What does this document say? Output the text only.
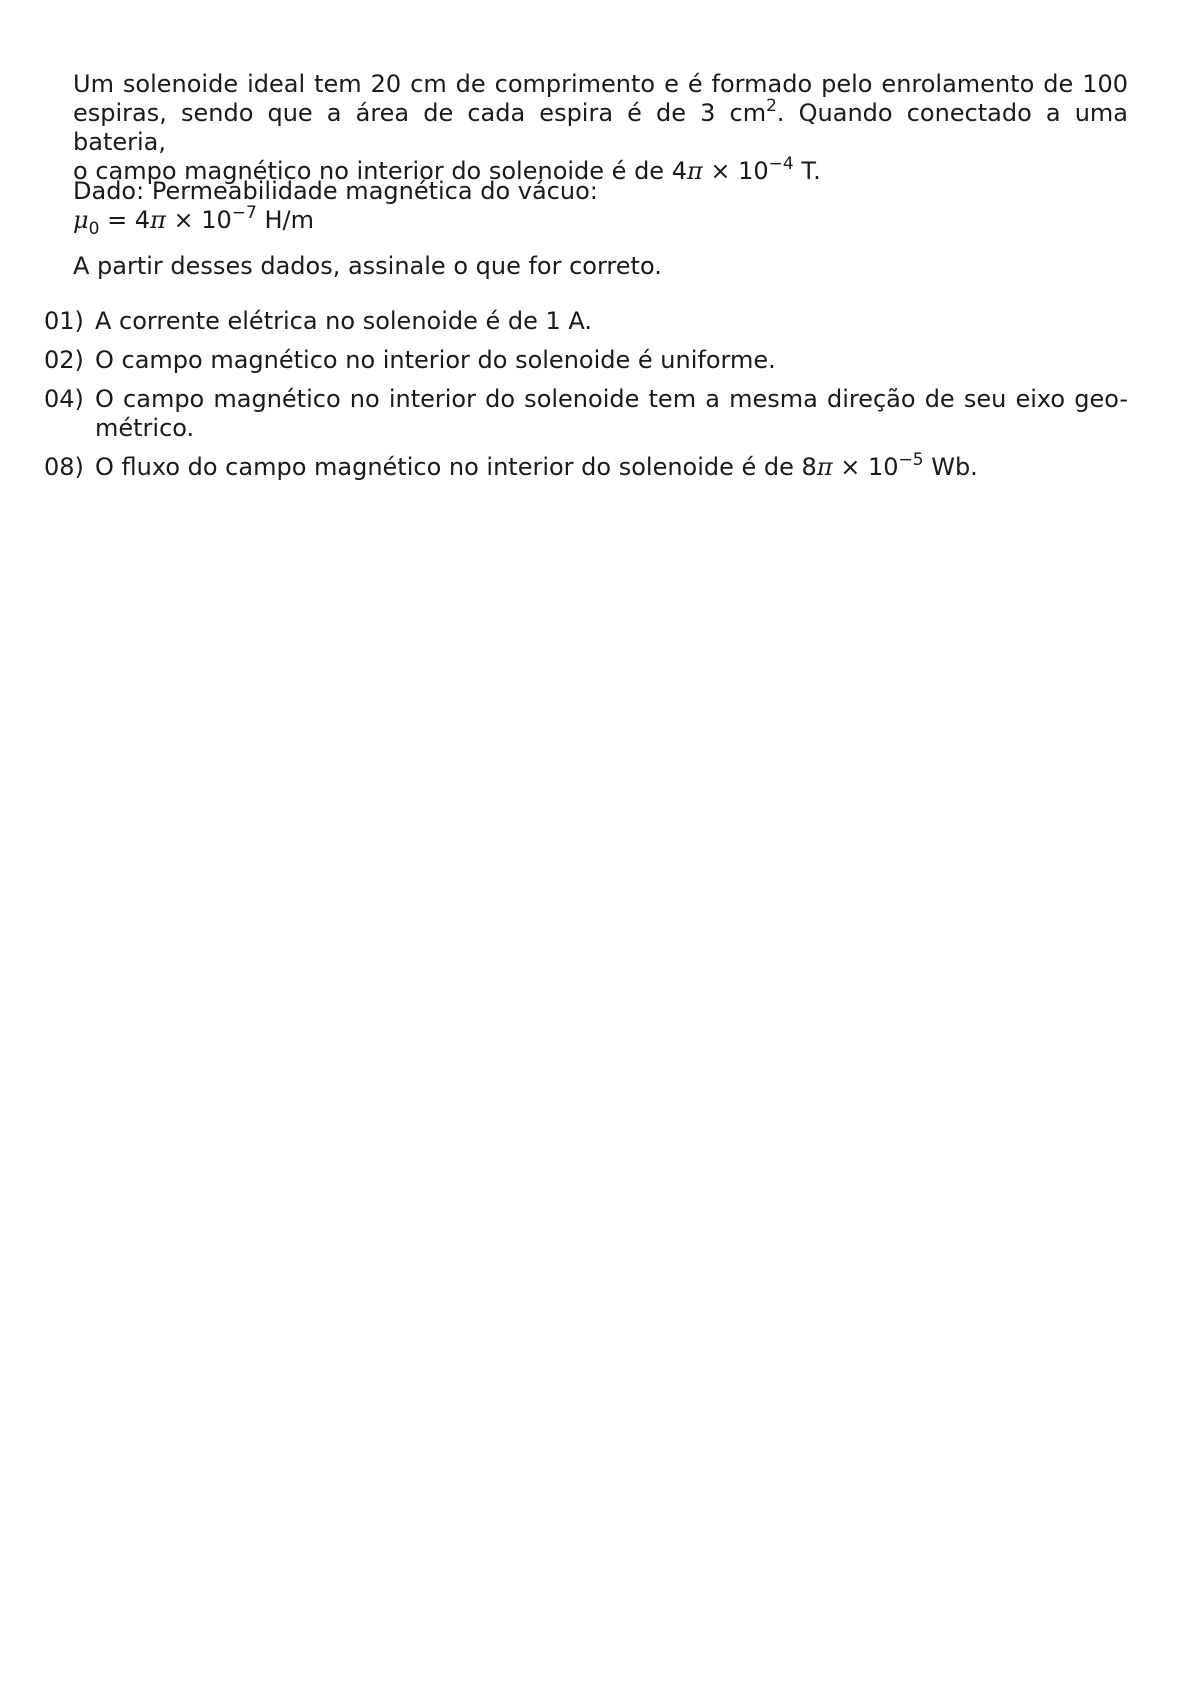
Um solenoide ideal tem 20 cm de comprimento e é formado pelo enrolamento de 100
espiras, sendo que a área de cada espira é de 3 $cm^2$. Quando conectado a uma bateria,
o campo magnético no interior do solenoide é de $4\pi \times 10^{-4}$ T.
Dado: Permeabilidade magnética do vácuo:
$\mu_0 = 4\pi \times 10^{-7}$ H/m
A partir desses dados, assinale o que for correto.
01) A corrente elétrica no solenoide é de 1 A.
02) O campo magnético no interior do solenoide é uniforme.
04) O campo magnético no interior do solenoide tem a mesma direção de seu eixo geo-
métrico.
08) O fluxo do campo magnético no interior do solenoide é de $8\pi \times 10^{-5}$ Wb.
